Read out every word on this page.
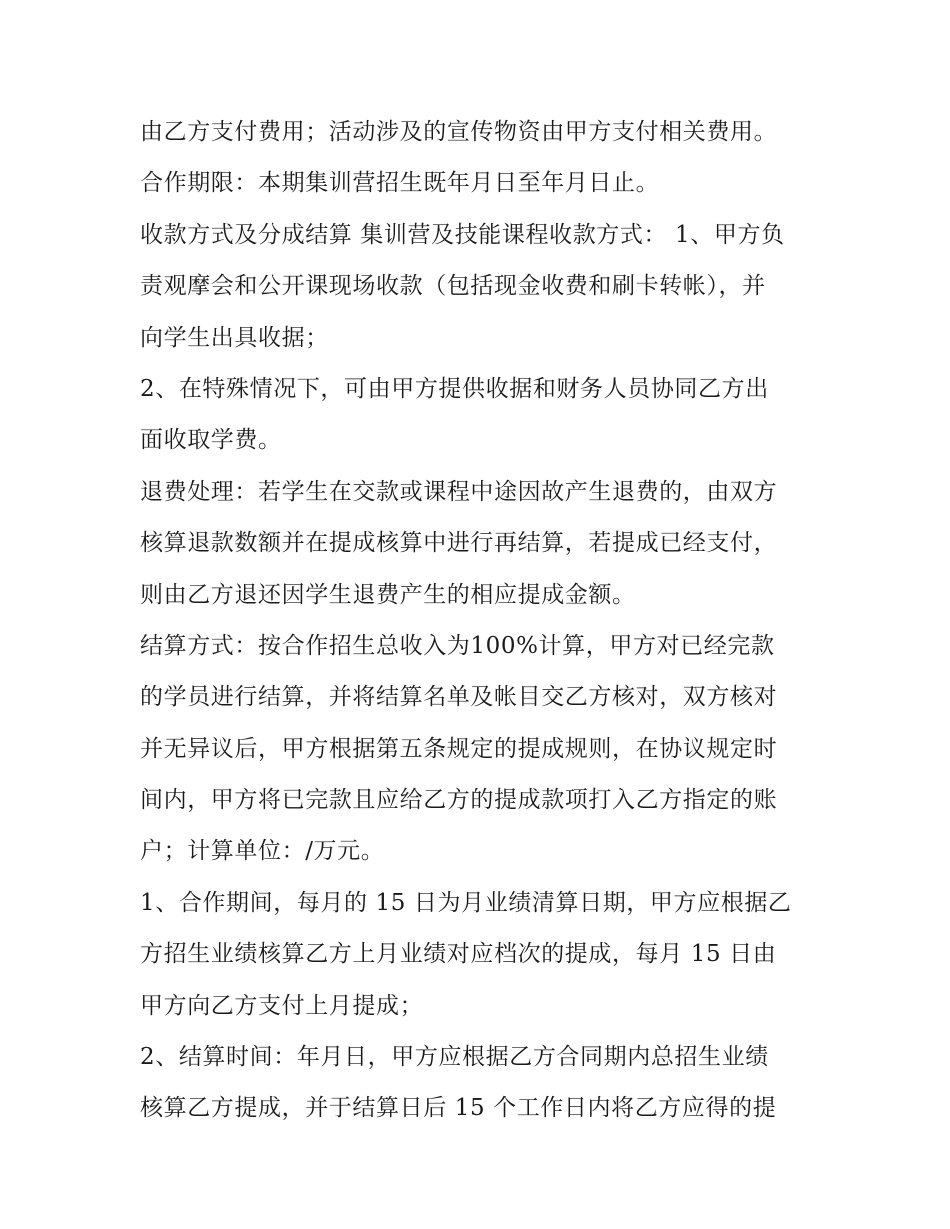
由乙方支付费用；活动涉及的宣传物资由甲方支付相关费用。
合作期限：本期集训营招生既年月日至年月日止。
收款方式及分成结算 集训营及技能课程收款方式： 1、甲方负
责观摩会和公开课现场收款（包括现金收费和刷卡转帐），并
向学生出具收据；
2、在特殊情况下，可由甲方提供收据和财务人员协同乙方出
面收取学费。
退费处理：若学生在交款或课程中途因故产生退费的，由双方
核算退款数额并在提成核算中进行再结算，若提成已经支付，
则由乙方退还因学生退费产生的相应提成金额。
结算方式：按合作招生总收入为100%计算，甲方对已经完款
的学员进行结算，并将结算名单及帐目交乙方核对，双方核对
并无异议后，甲方根据第五条规定的提成规则，在协议规定时
间内，甲方将已完款且应给乙方的提成款项打入乙方指定的账
户；计算单位：/万元。
1、合作期间，每月的 15 日为月业绩清算日期，甲方应根据乙
方招生业绩核算乙方上月业绩对应档次的提成，每月 15 日由
甲方向乙方支付上月提成；
2、结算时间：年月日，甲方应根据乙方合同期内总招生业绩
核算乙方提成，并于结算日后 15 个工作日内将乙方应得的提
